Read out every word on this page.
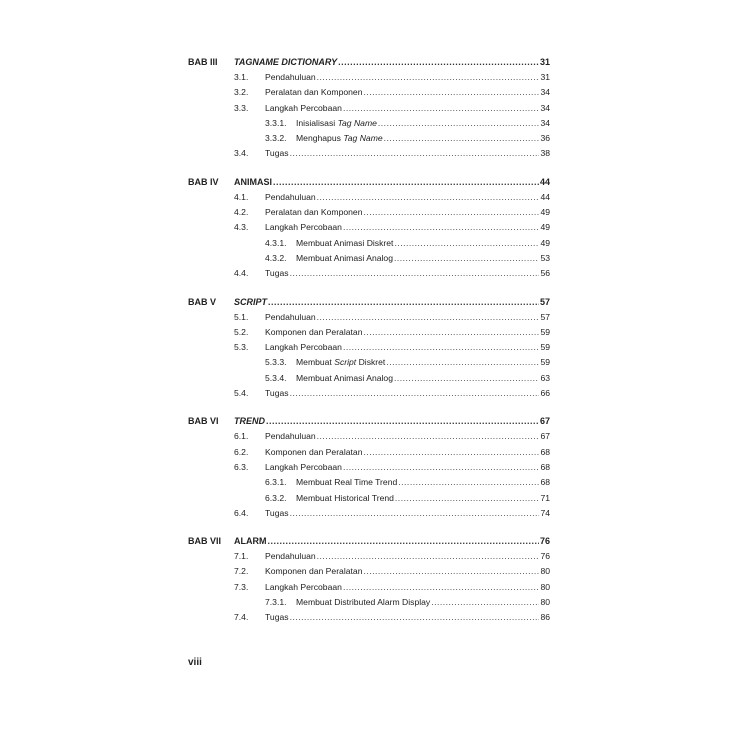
BAB III	TAGNAME DICTIONARY .....	31
3.1.	Pendahuluan .....	31
3.2.	Peralatan dan Komponen .....	34
3.3.	Langkah Percobaan .....	34
3.3.1.	Inisialisasi Tag Name .....	34
3.3.2.	Menghapus Tag Name .....	36
3.4.	Tugas .....	38
BAB IV	ANIMASI .....	44
4.1.	Pendahuluan .....	44
4.2.	Peralatan dan Komponen .....	49
4.3.	Langkah Percobaan .....	49
4.3.1.	Membuat Animasi Diskret .....	49
4.3.2.	Membuat Animasi Analog .....	53
4.4.	Tugas .....	56
BAB V	SCRIPT .....	57
5.1.	Pendahuluan .....	57
5.2.	Komponen dan Peralatan .....	59
5.3.	Langkah Percobaan .....	59
5.3.3.	Membuat Script Diskret .....	59
5.3.4.	Membuat Animasi Analog .....	63
5.4.	Tugas .....	66
BAB VI	TREND .....	67
6.1.	Pendahuluan .....	67
6.2.	Komponen dan Peralatan .....	68
6.3.	Langkah Percobaan .....	68
6.3.1.	Membuat Real Time Trend .....	68
6.3.2.	Membuat Historical Trend .....	71
6.4.	Tugas .....	74
BAB VII	ALARM .....	76
7.1.	Pendahuluan .....	76
7.2.	Komponen dan Peralatan .....	80
7.3.	Langkah Percobaan .....	80
7.3.1.	Membuat Distributed Alarm Display .....	80
7.4.	Tugas .....	86
viii
